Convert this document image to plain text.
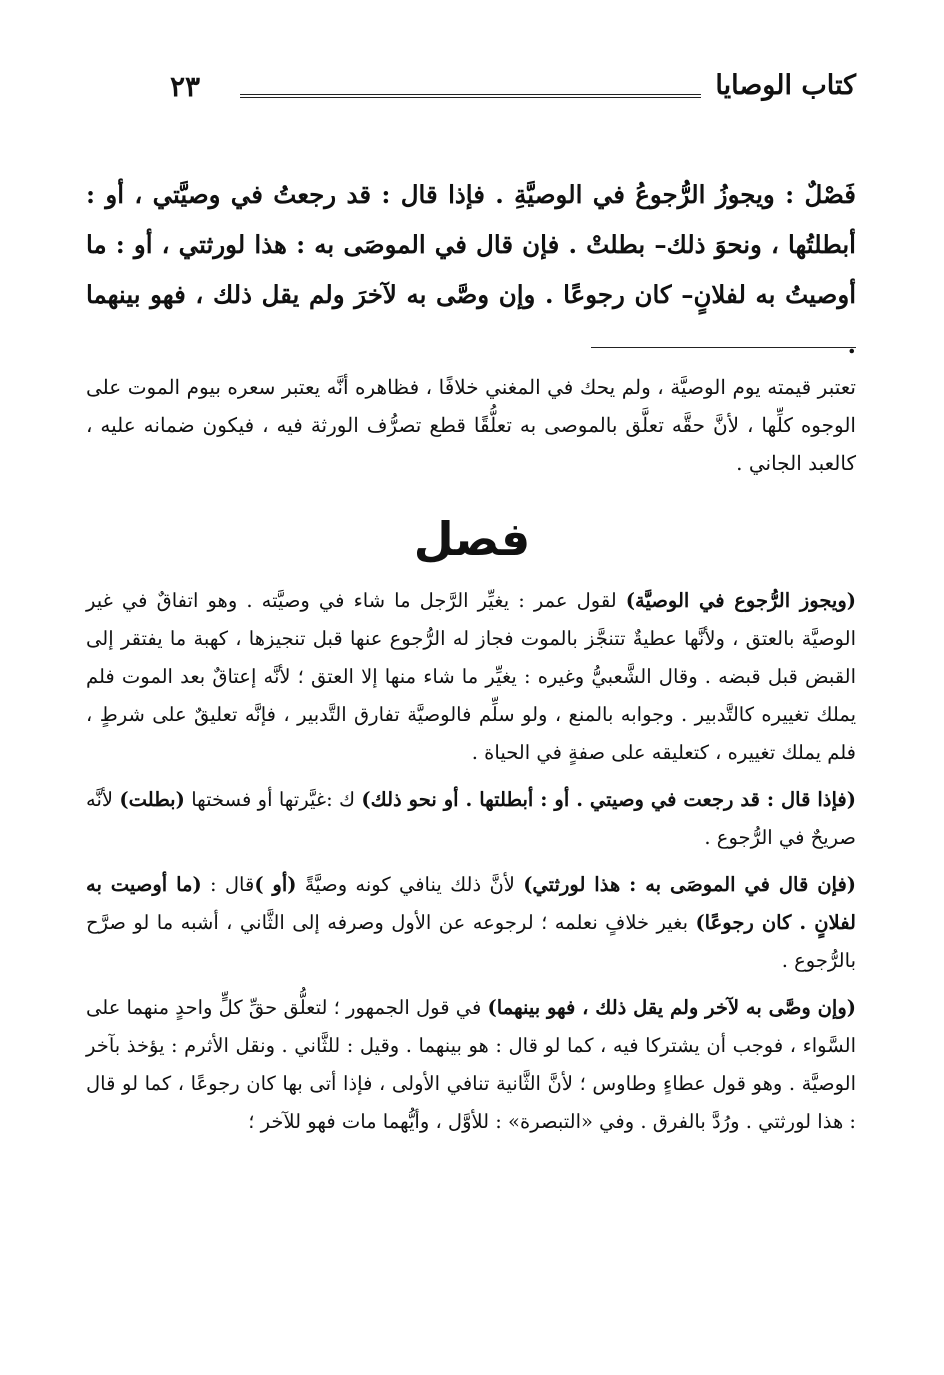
كتاب الوصايا
٢٣
فَصْلٌ : ويجوزُ الرُّجوعُ في الوصيَّةِ . فإذا قال : قد رجعتُ في وصيَّتي ، أو : أبطلتُها ، ونحوَ ذلك– بطلتْ . فإن قال في الموصَى به : هذا لورثتي ، أو : ما أوصيتُ به لفلانٍ– كان رجوعًا . وإن وصَّى به لآخرَ ولم يقل ذلك ، فهو بينهما .
تعتبر قيمته يوم الوصيَّة ، ولم يحك في المغني خلافًا ، فظاهره أنَّه يعتبر سعره بيوم الموت على الوجوه كلِّها ، لأنَّ حقَّه تعلَّق بالموصى به تعلُّقًا قطع تصرُّف الورثة فيه ، فيكون ضمانه عليه ، كالعبد الجاني .
فصل

(ويجوز الرُّجوع في الوصيَّة) لقول عمر : يغيِّر الرَّجل ما شاء في وصيَّته . وهو اتفاقٌ في غير الوصيَّة بالعتق ، ولأنَّها عطيةٌ تتنجَّز بالموت فجاز له الرُّجوع عنها قبل تنجيزها ، كهبة ما يفتقر إلى القبض قبل قبضه . وقال الشَّعبيُّ وغيره : يغيِّر ما شاء منها إلا العتق ؛ لأنَّه إعتاقٌ بعد الموت فلم يملك تغييره كالتَّدبير . وجوابه بالمنع ، ولو سلِّم فالوصيَّة تفارق التَّدبير ، فإنَّه تعليقٌ على شرطٍ ، فلم يملك تغييره ، كتعليقه على صفةٍ في الحياة .

(فإذا قال : قد رجعت في وصيتي . أو : أبطلتها . أو نحو ذلك) ك :غيَّرتها أو فسختها (بطلت) لأنَّه صريحٌ في الرُّجوع .

(فإن قال في الموصَى به : هذا لورثتي) لأنَّ ذلك ينافي كونه وصيَّةً (أو )قال : (ما أوصيت به لفلانٍ . كان رجوعًا) بغير خلافٍ نعلمه ؛ لرجوعه عن الأول وصرفه إلى الثَّاني ، أشبه ما لو صرَّح بالرُّجوع .

(وإن وصَّى به لآخر ولم يقل ذلك ، فهو بينهما) في قول الجمهور ؛ لتعلُّق حقِّ كلٍّ واحدٍ منهما على السَّواء ، فوجب أن يشتركا فيه ، كما لو قال : هو بينهما . وقيل : للثَّاني . ونقل الأثرم : يؤخذ بآخر الوصيَّة . وهو قول عطاءٍ وطاوس ؛ لأنَّ الثَّانية تنافي الأولى ، فإذا أتى بها كان رجوعًا ، كما لو قال : هذا لورثتي . ورُدَّ بالفرق . وفي «التبصرة» : للأوَّل ، وأيُّهما مات فهو للآخر ؛
